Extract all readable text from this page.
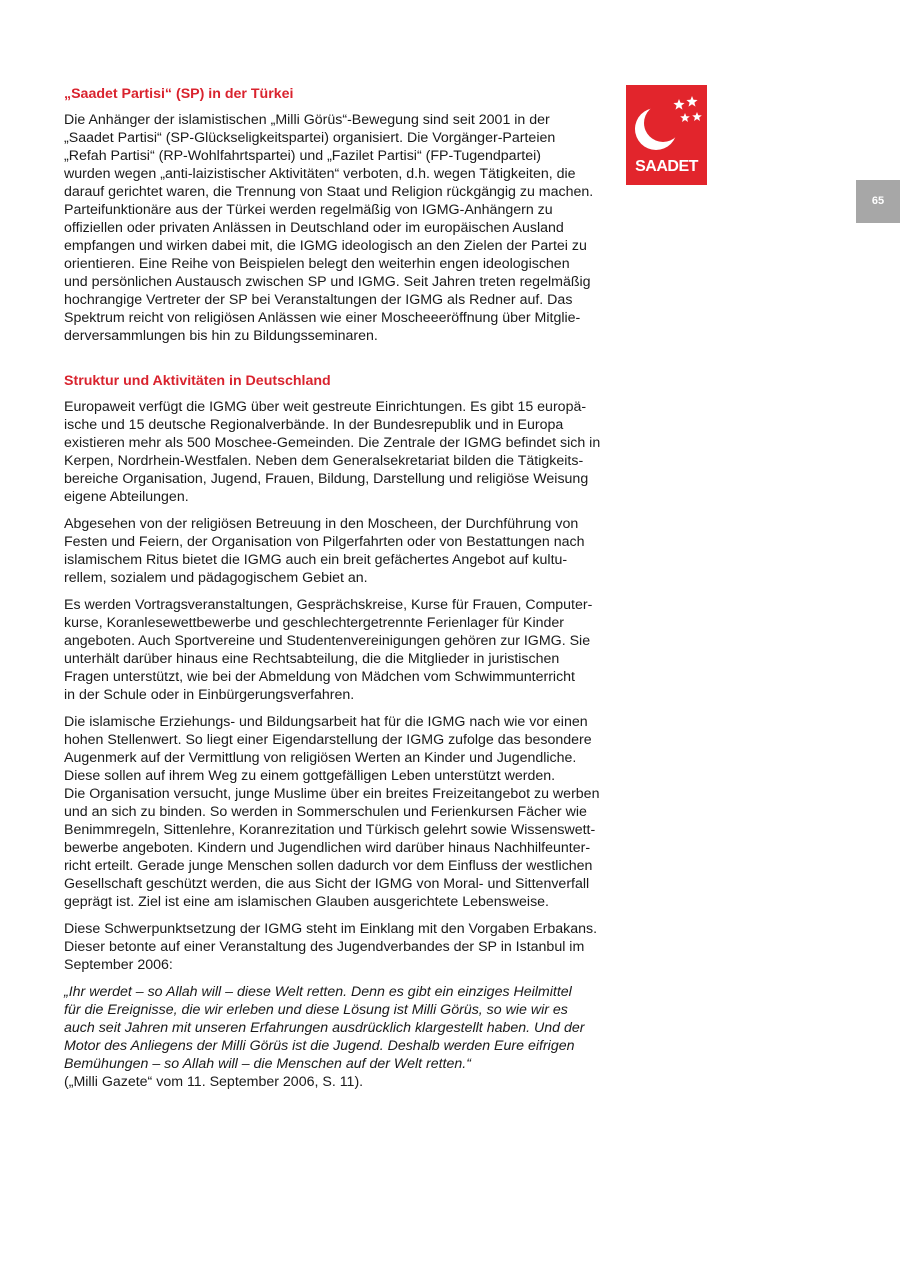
„Saadet Partisi“ (SP) in der Türkei

Die Anhänger der islamistischen „Milli Görüs“-Bewegung sind seit 2001 in der
„Saadet Partisi“ (SP-Glückseligkeitspartei) organisiert. Die Vorgänger-Parteien
„Refah Partisi“ (RP-Wohlfahrtspartei) und „Fazilet Partisi“ (FP-Tugendpartei)
wurden wegen „anti-laizistischer Aktivitäten“ verboten, d.h. wegen Tätigkeiten, die
darauf gerichtet waren, die Trennung von Staat und Religion rückgängig zu machen.
Parteifunktionäre aus der Türkei werden regelmäßig von IGMG-Anhängern zu
offiziellen oder privaten Anlässen in Deutschland oder im europäischen Ausland
empfangen und wirken dabei mit, die IGMG ideologisch an den Zielen der Partei zu
orientieren. Eine Reihe von Beispielen belegt den weiterhin engen ideologischen
und persönlichen Austausch zwischen SP und IGMG. Seit Jahren treten regelmäßig
hochrangige Vertreter der SP bei Veranstaltungen der IGMG als Redner auf. Das
Spektrum reicht von religiösen Anlässen wie einer Moscheeeröffnung über Mitglie-
derversammlungen bis hin zu Bildungsseminaren.

Struktur und Aktivitäten in Deutschland

Europaweit verfügt die IGMG über weit gestreute Einrichtungen. Es gibt 15 europä-
ische und 15 deutsche Regionalverbände. In der Bundesrepublik und in Europa
existieren mehr als 500 Moschee-Gemeinden. Die Zentrale der IGMG befindet sich in
Kerpen, Nordrhein-Westfalen. Neben dem Generalsekretariat bilden die Tätigkeits-
bereiche Organisation, Jugend, Frauen, Bildung, Darstellung und religiöse Weisung
eigene Abteilungen.

Abgesehen von der religiösen Betreuung in den Moscheen, der Durchführung von
Festen und Feiern, der Organisation von Pilgerfahrten oder von Bestattungen nach
islamischem Ritus bietet die IGMG auch ein breit gefächertes Angebot auf kultu-
rellem, sozialem und pädagogischem Gebiet an.

Es werden Vortragsveranstaltungen, Gesprächskreise, Kurse für Frauen, Computer-
kurse, Koranlesewettbewerbe und geschlechtergetrennte Ferienlager für Kinder
angeboten. Auch Sportvereine und Studentenvereinigungen gehören zur IGMG. Sie
unterhält darüber hinaus eine Rechtsabteilung, die die Mitglieder in juristischen
Fragen unterstützt, wie bei der Abmeldung von Mädchen vom Schwimmunterricht
in der Schule oder in Einbürgerungsverfahren.

Die islamische Erziehungs- und Bildungsarbeit hat für die IGMG nach wie vor einen
hohen Stellenwert. So liegt einer Eigendarstellung der IGMG zufolge das besondere
Augenmerk auf der Vermittlung von religiösen Werten an Kinder und Jugendliche.
Diese sollen auf ihrem Weg zu einem gottgefälligen Leben unterstützt werden.
Die Organisation versucht, junge Muslime über ein breites Freizeitangebot zu werben
und an sich zu binden. So werden in Sommerschulen und Ferienkursen Fächer wie
Benimmregeln, Sittenlehre, Koranrezitation und Türkisch gelehrt sowie Wissenswett-
bewerbe angeboten. Kindern und Jugendlichen wird darüber hinaus Nachhilfeunter-
richt erteilt. Gerade junge Menschen sollen dadurch vor dem Einfluss der westlichen
Gesellschaft geschützt werden, die aus Sicht der IGMG von Moral- und Sittenverfall
geprägt ist. Ziel ist eine am islamischen Glauben ausgerichtete Lebensweise.

Diese Schwerpunktsetzung der IGMG steht im Einklang mit den Vorgaben Erbakans.
Dieser betonte auf einer Veranstaltung des Jugendverbandes der SP in Istanbul im
September 2006:

„Ihr werdet – so Allah will – diese Welt retten. Denn es gibt ein einziges Heilmittel
für die Ereignisse, die wir erleben und diese Lösung ist Milli Görüs, so wie wir es
auch seit Jahren mit unseren Erfahrungen ausdrücklich klargestellt haben. Und der
Motor des Anliegens der Milli Görüs ist die Jugend. Deshalb werden Eure eifrigen
Bemühungen – so Allah will – die Menschen auf der Welt retten.“

(„Milli Gazete“ vom 11. September 2006, S. 11).

SAADET
65
